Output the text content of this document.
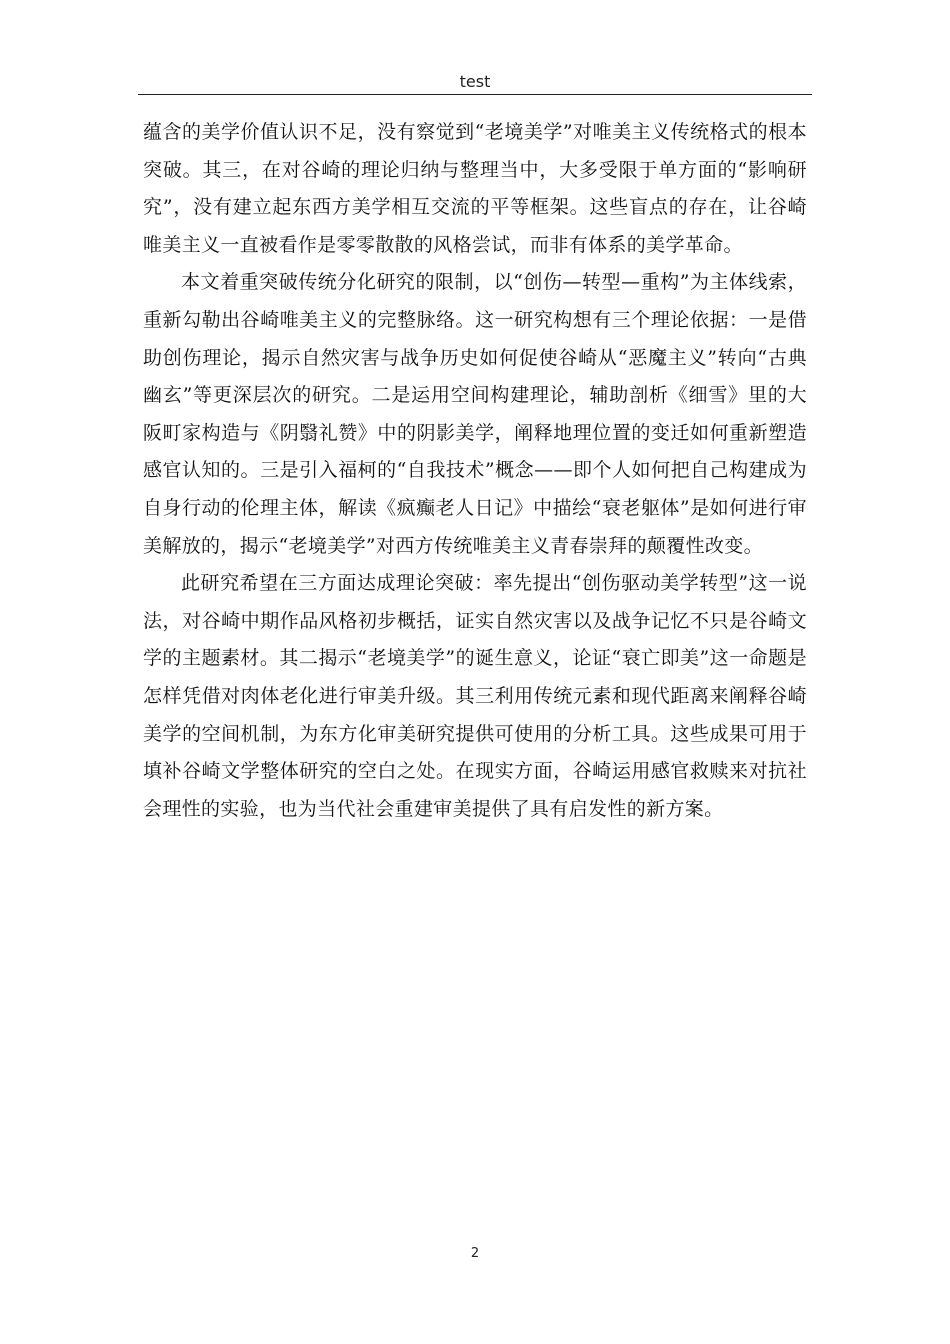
test

蕴含的美学价值认识不足，没有察觉到“老境美学”对唯美主义传统格式的根本突破。其三，在对谷崎的理论归纳与整理当中，大多受限于单方面的“影响研究”，没有建立起东西方美学相互交流的平等框架。这些盲点的存在，让谷崎唯美主义一直被看作是零零散散的风格尝试，而非有体系的美学革命。

本文着重突破传统分化研究的限制，以“创伤—转型—重构”为主体线索，重新勾勒出谷崎唯美主义的完整脉络。这一研究构想有三个理论依据：一是借助创伤理论，揭示自然灾害与战争历史如何促使谷崎从“恶魔主义”转向“古典幽玄”等更深层次的研究。二是运用空间构建理论，辅助剖析《细雪》里的大阪町家构造与《阴翳礼赞》中的阴影美学，阐释地理位置的变迁如何重新塑造感官认知的。三是引入福柯的“自我技术”概念——即个人如何把自己构建成为自身行动的伦理主体，解读《疯癫老人日记》中描绘“衰老躯体”是如何进行审美解放的，揭示“老境美学”对西方传统唯美主义青春崇拜的颠覆性改变。

此研究希望在三方面达成理论突破：率先提出“创伤驱动美学转型”这一说法，对谷崎中期作品风格初步概括，证实自然灾害以及战争记忆不只是谷崎文学的主题素材。其二揭示“老境美学”的诞生意义，论证“衰亡即美”这一命题是怎样凭借对肉体老化进行审美升级。其三利用传统元素和现代距离来阐释谷崎美学的空间机制，为东方化审美研究提供可使用的分析工具。这些成果可用于填补谷崎文学整体研究的空白之处。在现实方面，谷崎运用感官救赎来对抗社会理性的实验，也为当代社会重建审美提供了具有启发性的新方案。

2
